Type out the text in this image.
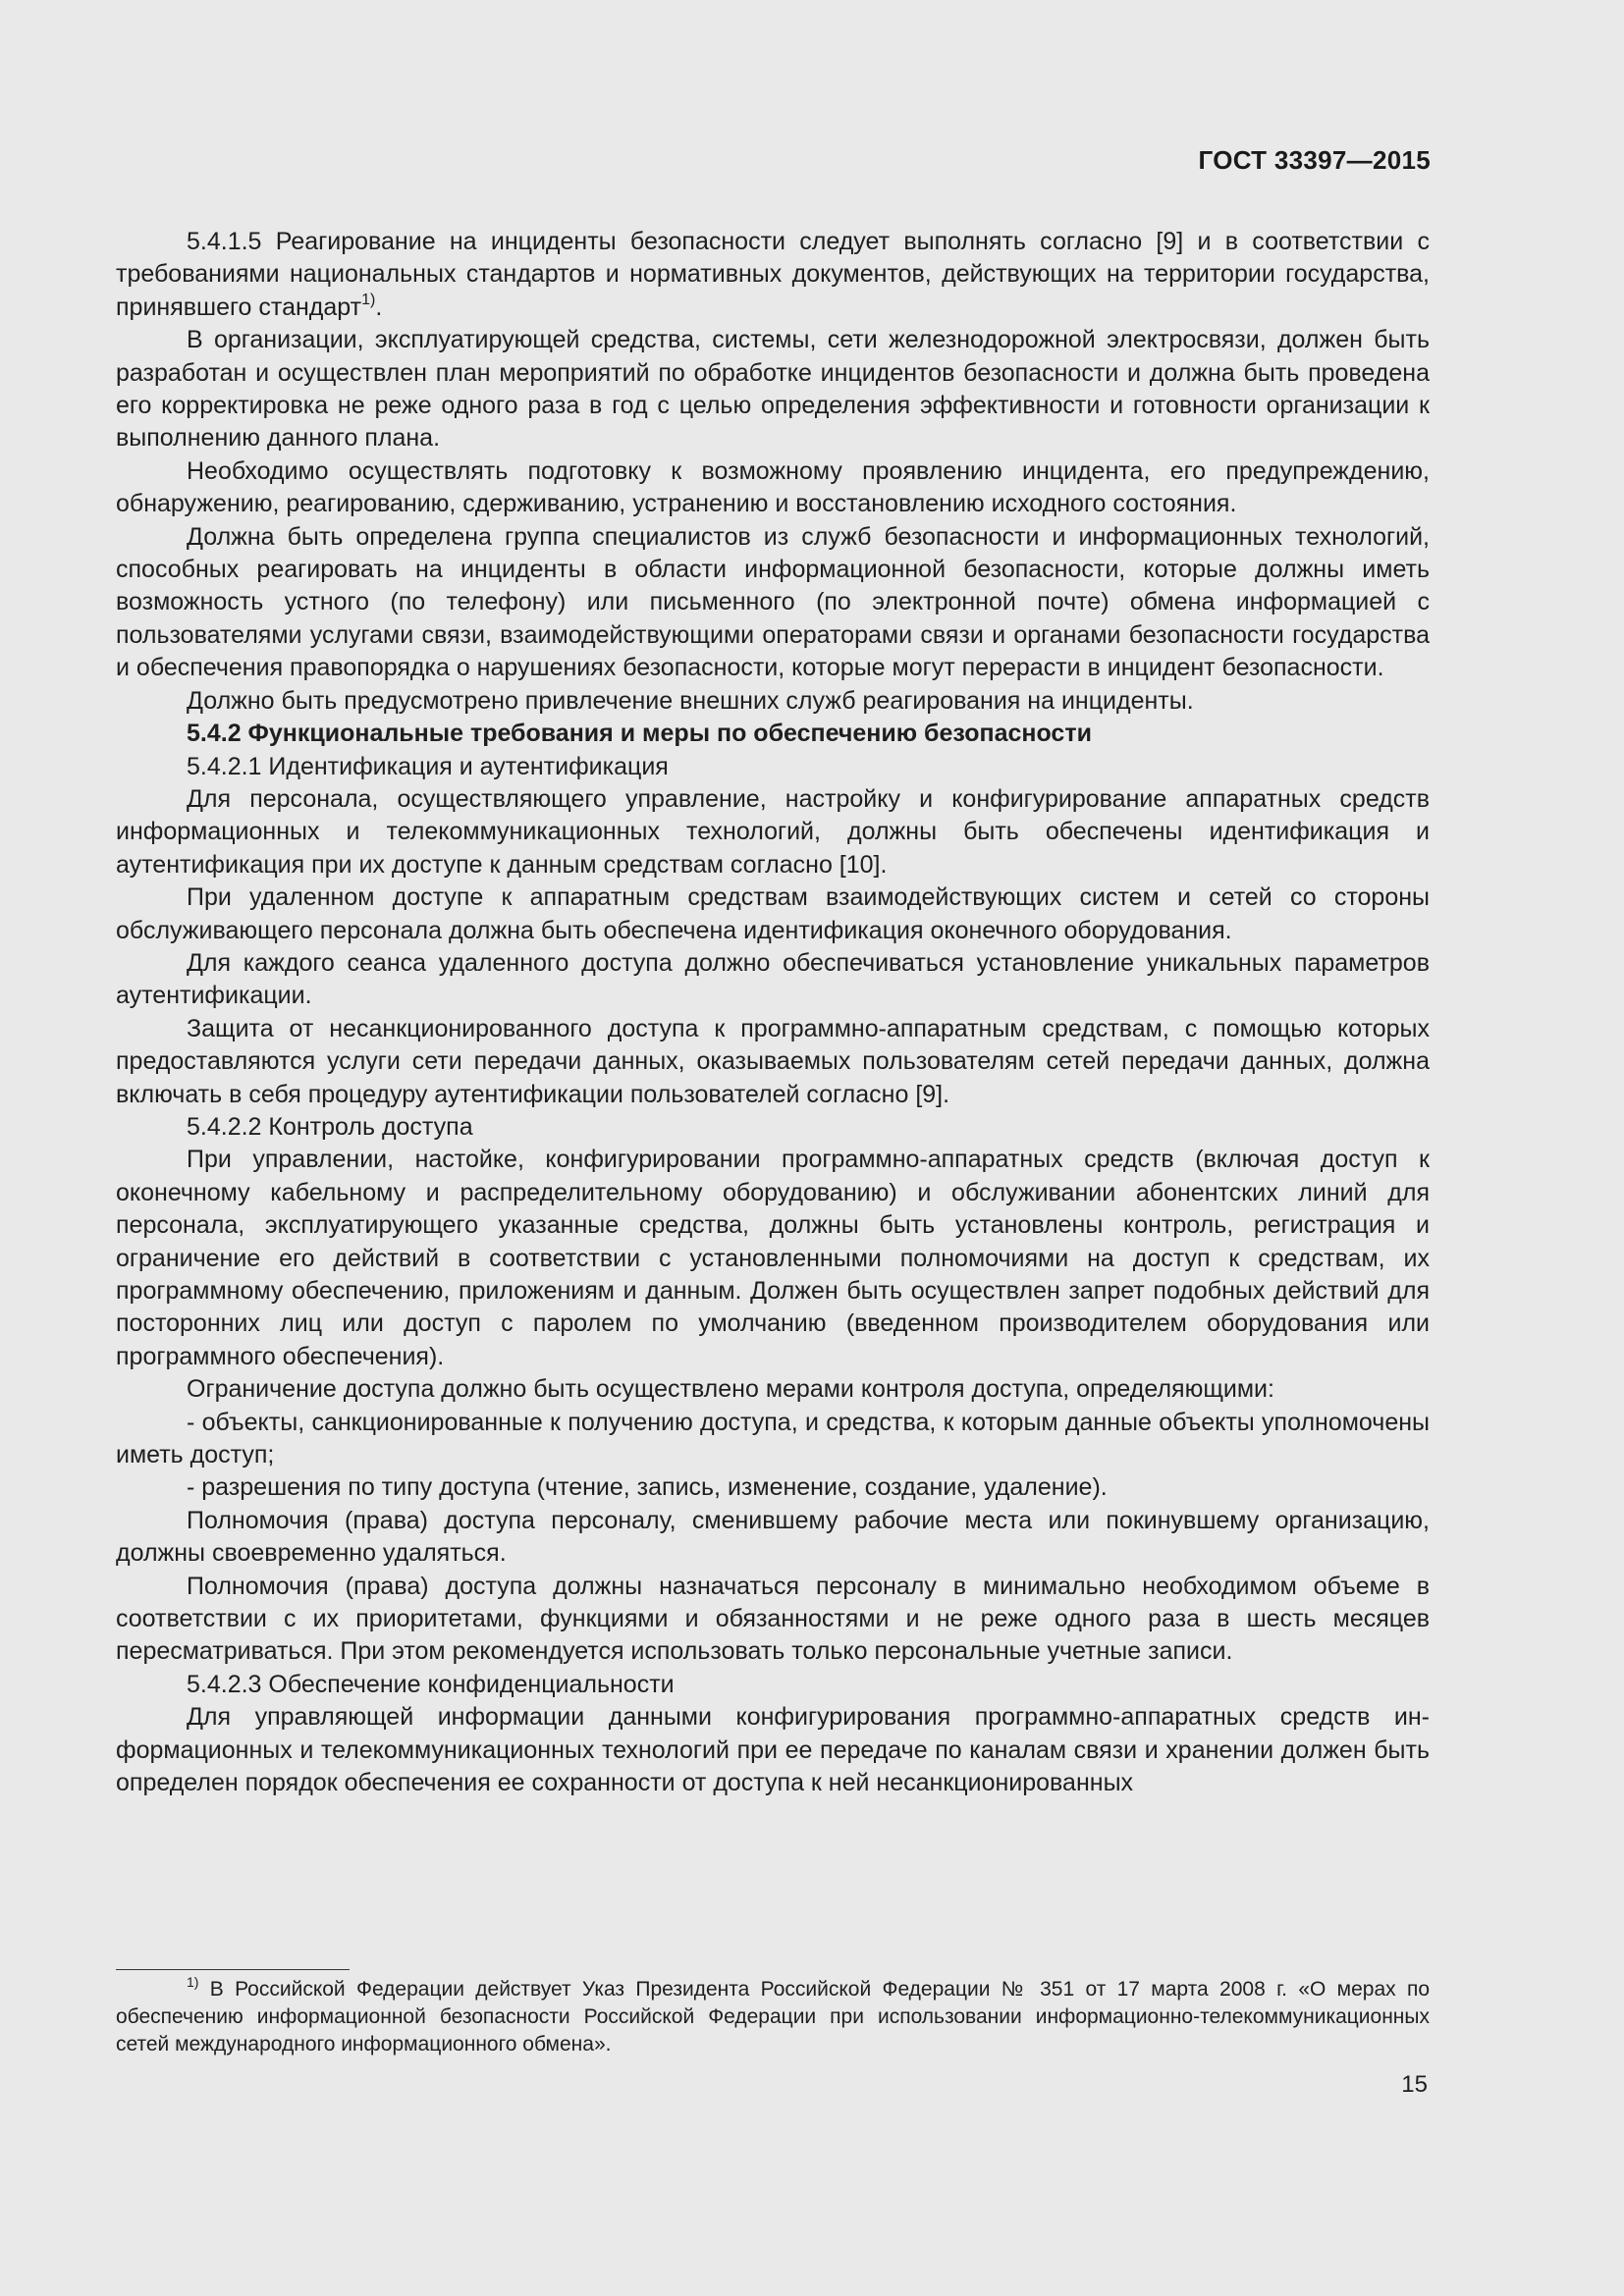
ГОСТ 33397—2015

5.4.1.5 Реагирование на инциденты безопасности следует выполнять согласно [9] и в соответствии с требованиями национальных стандартов и нормативных документов, действующих на территории государства, принявшего стандарт$^{1)}$.

В организации, эксплуатирующей средства, системы, сети железнодорожной электросвязи, должен быть разработан и осуществлен план мероприятий по обработке инцидентов безопасности и должна быть проведена его корректировка не реже одного раза в год с целью определения эффективности и готовности организации к выполнению данного плана.

Необходимо осуществлять подготовку к возможному проявлению инцидента, его предупреждению, обнаружению, реагированию, сдерживанию, устранению и восстановлению исходного состояния.

Должна быть определена группа специалистов из служб безопасности и информационных технологий, способных реагировать на инциденты в области информационной безопасности, которые должны иметь возможность устного (по телефону) или письменного (по электронной почте) обмена информацией с пользователями услугами связи, взаимодействующими операторами связи и органами безопасности государства и обеспечения правопорядка о нарушениях безопасности, которые могут перерасти в инцидент безопасности.

Должно быть предусмотрено привлечение внешних служб реагирования на инциденты.

5.4.2 Функциональные требования и меры по обеспечению безопасности

5.4.2.1 Идентификация и аутентификация

Для персонала, осуществляющего управление, настройку и конфигурирование аппаратных средств информационных и телекоммуникационных технологий, должны быть обеспечены идентификация и аутентификация при их доступе к данным средствам согласно [10].

При удаленном доступе к аппаратным средствам взаимодействующих систем и сетей со стороны обслуживающего персонала должна быть обеспечена идентификация оконечного оборудования.

Для каждого сеанса удаленного доступа должно обеспечиваться установление уникальных параметров аутентификации.

Защита от несанкционированного доступа к программно-аппаратным средствам, с помощью которых предоставляются услуги сети передачи данных, оказываемых пользователям сетей передачи данных, должна включать в себя процедуру аутентификации пользователей согласно [9].

5.4.2.2 Контроль доступа

При управлении, настойке, конфигурировании программно-аппаратных средств (включая доступ к оконечному кабельному и распределительному оборудованию) и обслуживании абонентских линий для персонала, эксплуатирующего указанные средства, должны быть установлены контроль, регистрация и ограничение его действий в соответствии с установленными полномочиями на доступ к средствам, их программному обеспечению, приложениям и данным. Должен быть осуществлен запрет подобных действий для посторонних лиц или доступ с паролем по умолчанию (введенном производителем оборудования или программного обеспечения).

Ограничение доступа должно быть осуществлено мерами контроля доступа, определяющими:

- объекты, санкционированные к получению доступа, и средства, к которым данные объекты уполномочены иметь доступ;

- разрешения по типу доступа (чтение, запись, изменение, создание, удаление).

Полномочия (права) доступа персоналу, сменившему рабочие места или покинувшему организацию, должны своевременно удаляться.

Полномочия (права) доступа должны назначаться персоналу в минимально необходимом объеме в соответствии с их приоритетами, функциями и обязанностями и не реже одного раза в шесть месяцев пересматриваться. При этом рекомендуется использовать только персональные учетные записи.

5.4.2.3 Обеспечение конфиденциальности

Для управляющей информации данными конфигурирования программно-аппаратных средств информационных и телекоммуникационных технологий при ее передаче по каналам связи и хранении должен быть определен порядок обеспечения ее сохранности от доступа к ней несанкционированных

$^{1)}$ В Российской Федерации действует Указ Президента Российской Федерации № 351 от 17 марта 2008 г. «О мерах по обеспечению информационной безопасности Российской Федерации при использовании информационно-телекоммуникационных сетей международного информационного обмена».

15
